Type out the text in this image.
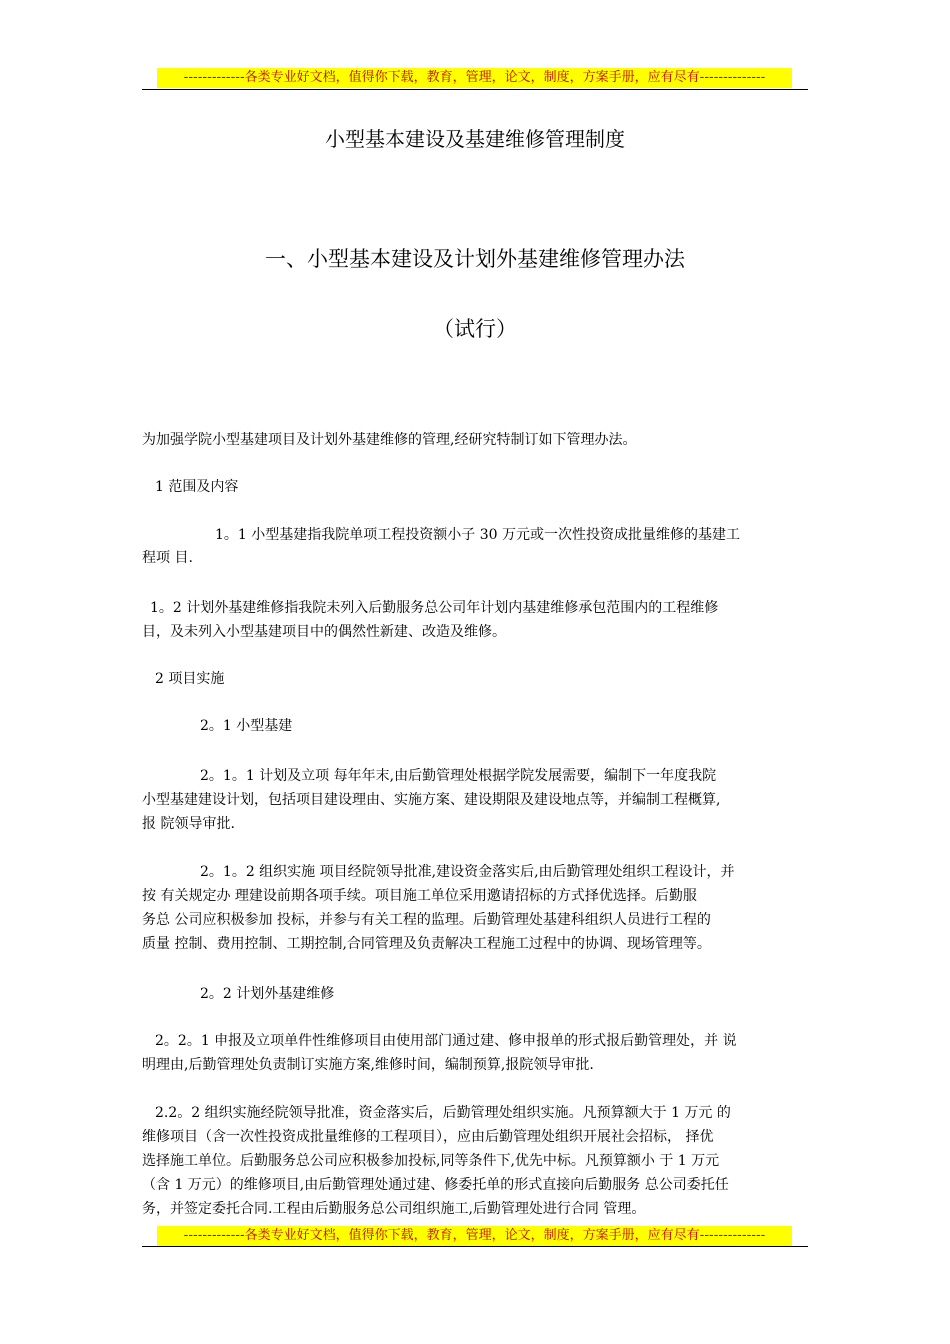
-------------各类专业好文档，值得你下载，教育，管理，论文，制度，方案手册，应有尽有--------------
小型基本建设及基建维修管理制度
一、小型基本建设及计划外基建维修管理办法
（试行）
为加强学院小型基建项目及计划外基建维修的管理,经研究特制订如下管理办法。
1 范围及内容
1。1 小型基建指我院单项工程投资额小子 30 万元或一次性投资成批量维修的基建工
程项 目.
1。2 计划外基建维修指我院未列入后勤服务总公司年计划内基建维修承包范围内的工程维修
目，及未列入小型基建项目中的偶然性新建、改造及维修。
2 项目实施
2。1 小型基建
2。1。1 计划及立项 每年年末,由后勤管理处根据学院发展需要，编制下一年度我院
小型基建建设计划，包括项目建设理由、实施方案、建设期限及建设地点等，并编制工程概算,
报 院领导审批.
2。1。2 组织实施 项目经院领导批准,建设资金落实后,由后勤管理处组织工程设计，并
按 有关规定办 理建设前期各项手续。项目施工单位采用邀请招标的方式择优选择。后勤服
务总 公司应积极参加 投标，并参与有关工程的监理。后勤管理处基建科组织人员进行工程的
质量 控制、费用控制、工期控制,合同管理及负责解决工程施工过程中的协调、现场管理等。
2。2 计划外基建维修
2。2。1 申报及立项单件性维修项目由使用部门通过建、修申报单的形式报后勤管理处，并 说
明理由,后勤管理处负责制订实施方案,维修时间，编制预算,报院领导审批.
2.2。2 组织实施经院领导批准，资金落实后，后勤管理处组织实施。凡预算额大于 1 万元 的
维修项目（含一次性投资成批量维修的工程项目），应由后勤管理处组织开展社会招标， 择优
选择施工单位。后勤服务总公司应积极参加投标,同等条件下,优先中标。凡预算额小 于 1 万元
（含 1 万元）的维修项目,由后勤管理处通过建、修委托单的形式直接向后勤服务 总公司委托任
务，并签定委托合同.工程由后勤服务总公司组织施工,后勤管理处进行合同 管理。
-------------各类专业好文档，值得你下载，教育，管理，论文，制度，方案手册，应有尽有--------------
